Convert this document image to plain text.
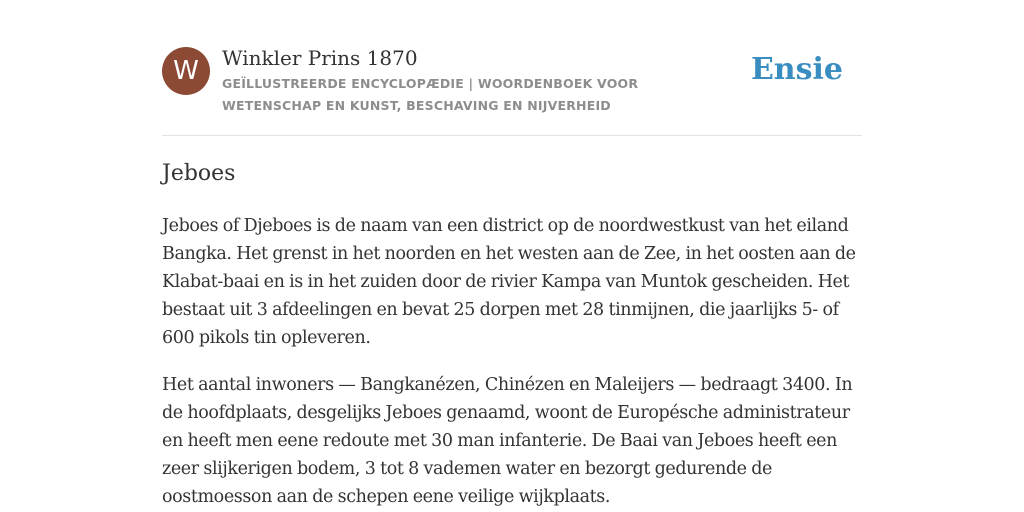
W	Winkler Prins 1870
GEÏLLUSTREERDE ENCYCLOPÆDIE | WOORDENBOEK VOOR WETENSCHAP EN KUNST, BESCHAVING EN NIJVERHEID
Ensie
Jeboes

Jeboes of Djeboes is de naam van een district op de noordwestkust van het eiland Bangka. Het grenst in het noorden en het westen aan de Zee, in het oosten aan de Klabat-baai en is in het zuiden door de rivier Kampa van Muntok gescheiden. Het bestaat uit 3 afdeelingen en bevat 25 dorpen met 28 tinmijnen, die jaarlijks 5- of 600 pikols tin opleveren.

Het aantal inwoners — Bangkanézen, Chinézen en Maleijers — bedraagt 3400. In de hoofdplaats, desgelijks Jeboes genaamd, woont de Europésche administrateur en heeft men eene redoute met 30 man infanterie. De Baai van Jeboes heeft een zeer slijkerigen bodem, 3 tot 8 vademen water en bezorgt gedurende de oostmoesson aan de schepen eene veilige wijkplaats.
